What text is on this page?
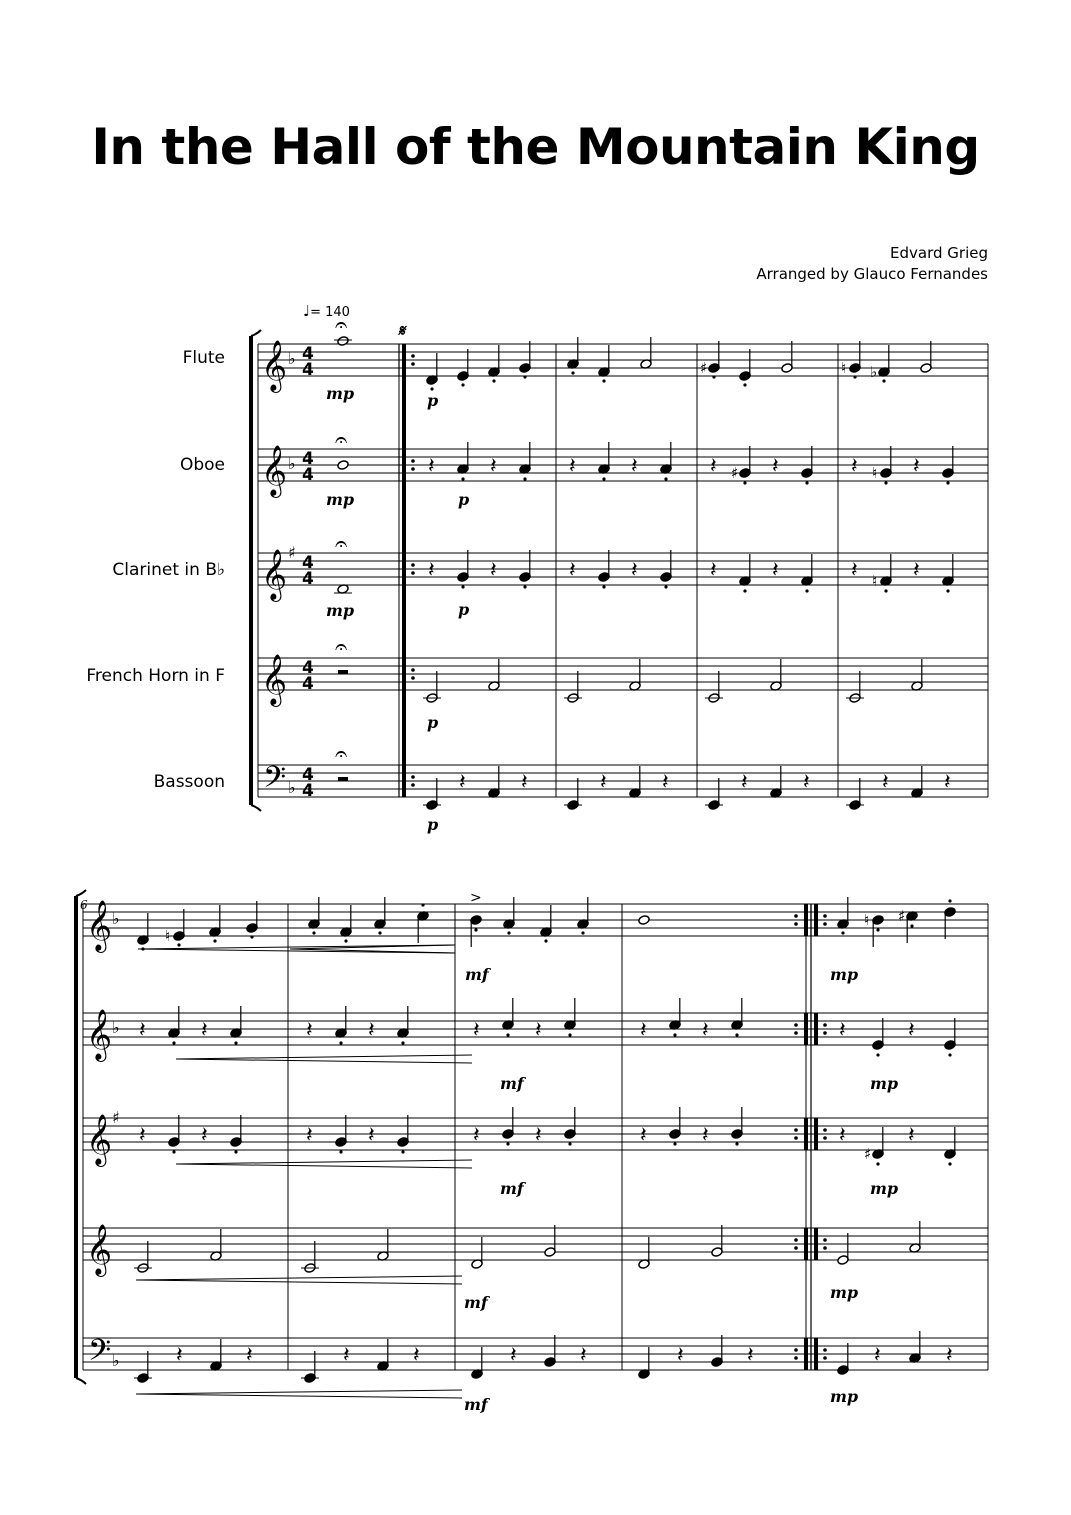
In the Hall of the Mountain King
Edvard Grieg
Arranged by Glauco Fernandes
♩= 140
Flute
Oboe
Clarinet in B♭
French Horn in F
Bassoon
𝄞
𝄞
𝄞
𝄞
𝄢
♭
♭
♯
♭
4
4
4
4
4
4
4
4
4
4
𝄐
mp
𝄐
mp
𝄐
mp
𝄐
𝄐
𝄋
p
♯	♮ ♭
𝄽	𝄽
p
𝄽	𝄽	𝄽 ♯ 𝄽	𝄽 ♮ 𝄽
𝄽	𝄽
p
𝄽	𝄽	𝄽	𝄽	𝄽 ♮ 𝄽
p
𝄽	𝄽	𝄽	𝄽	𝄽	𝄽	𝄽	𝄽
p
𝄞
𝄞
𝄞
𝄞
𝄢
6
♭
♭
♯
♭
♮
>
mf
♮ ♯
mp
𝄽	𝄽	𝄽	𝄽	𝄽	𝄽
mf
𝄽	𝄽	𝄽	𝄽
mp
𝄽	𝄽	𝄽	𝄽	𝄽	𝄽
mf
𝄽	𝄽	𝄽
♯
𝄽
mp
mf
mp
𝄽	𝄽	𝄽	𝄽	𝄽	𝄽	𝄽	𝄽
mf
𝄽	𝄽
mp
